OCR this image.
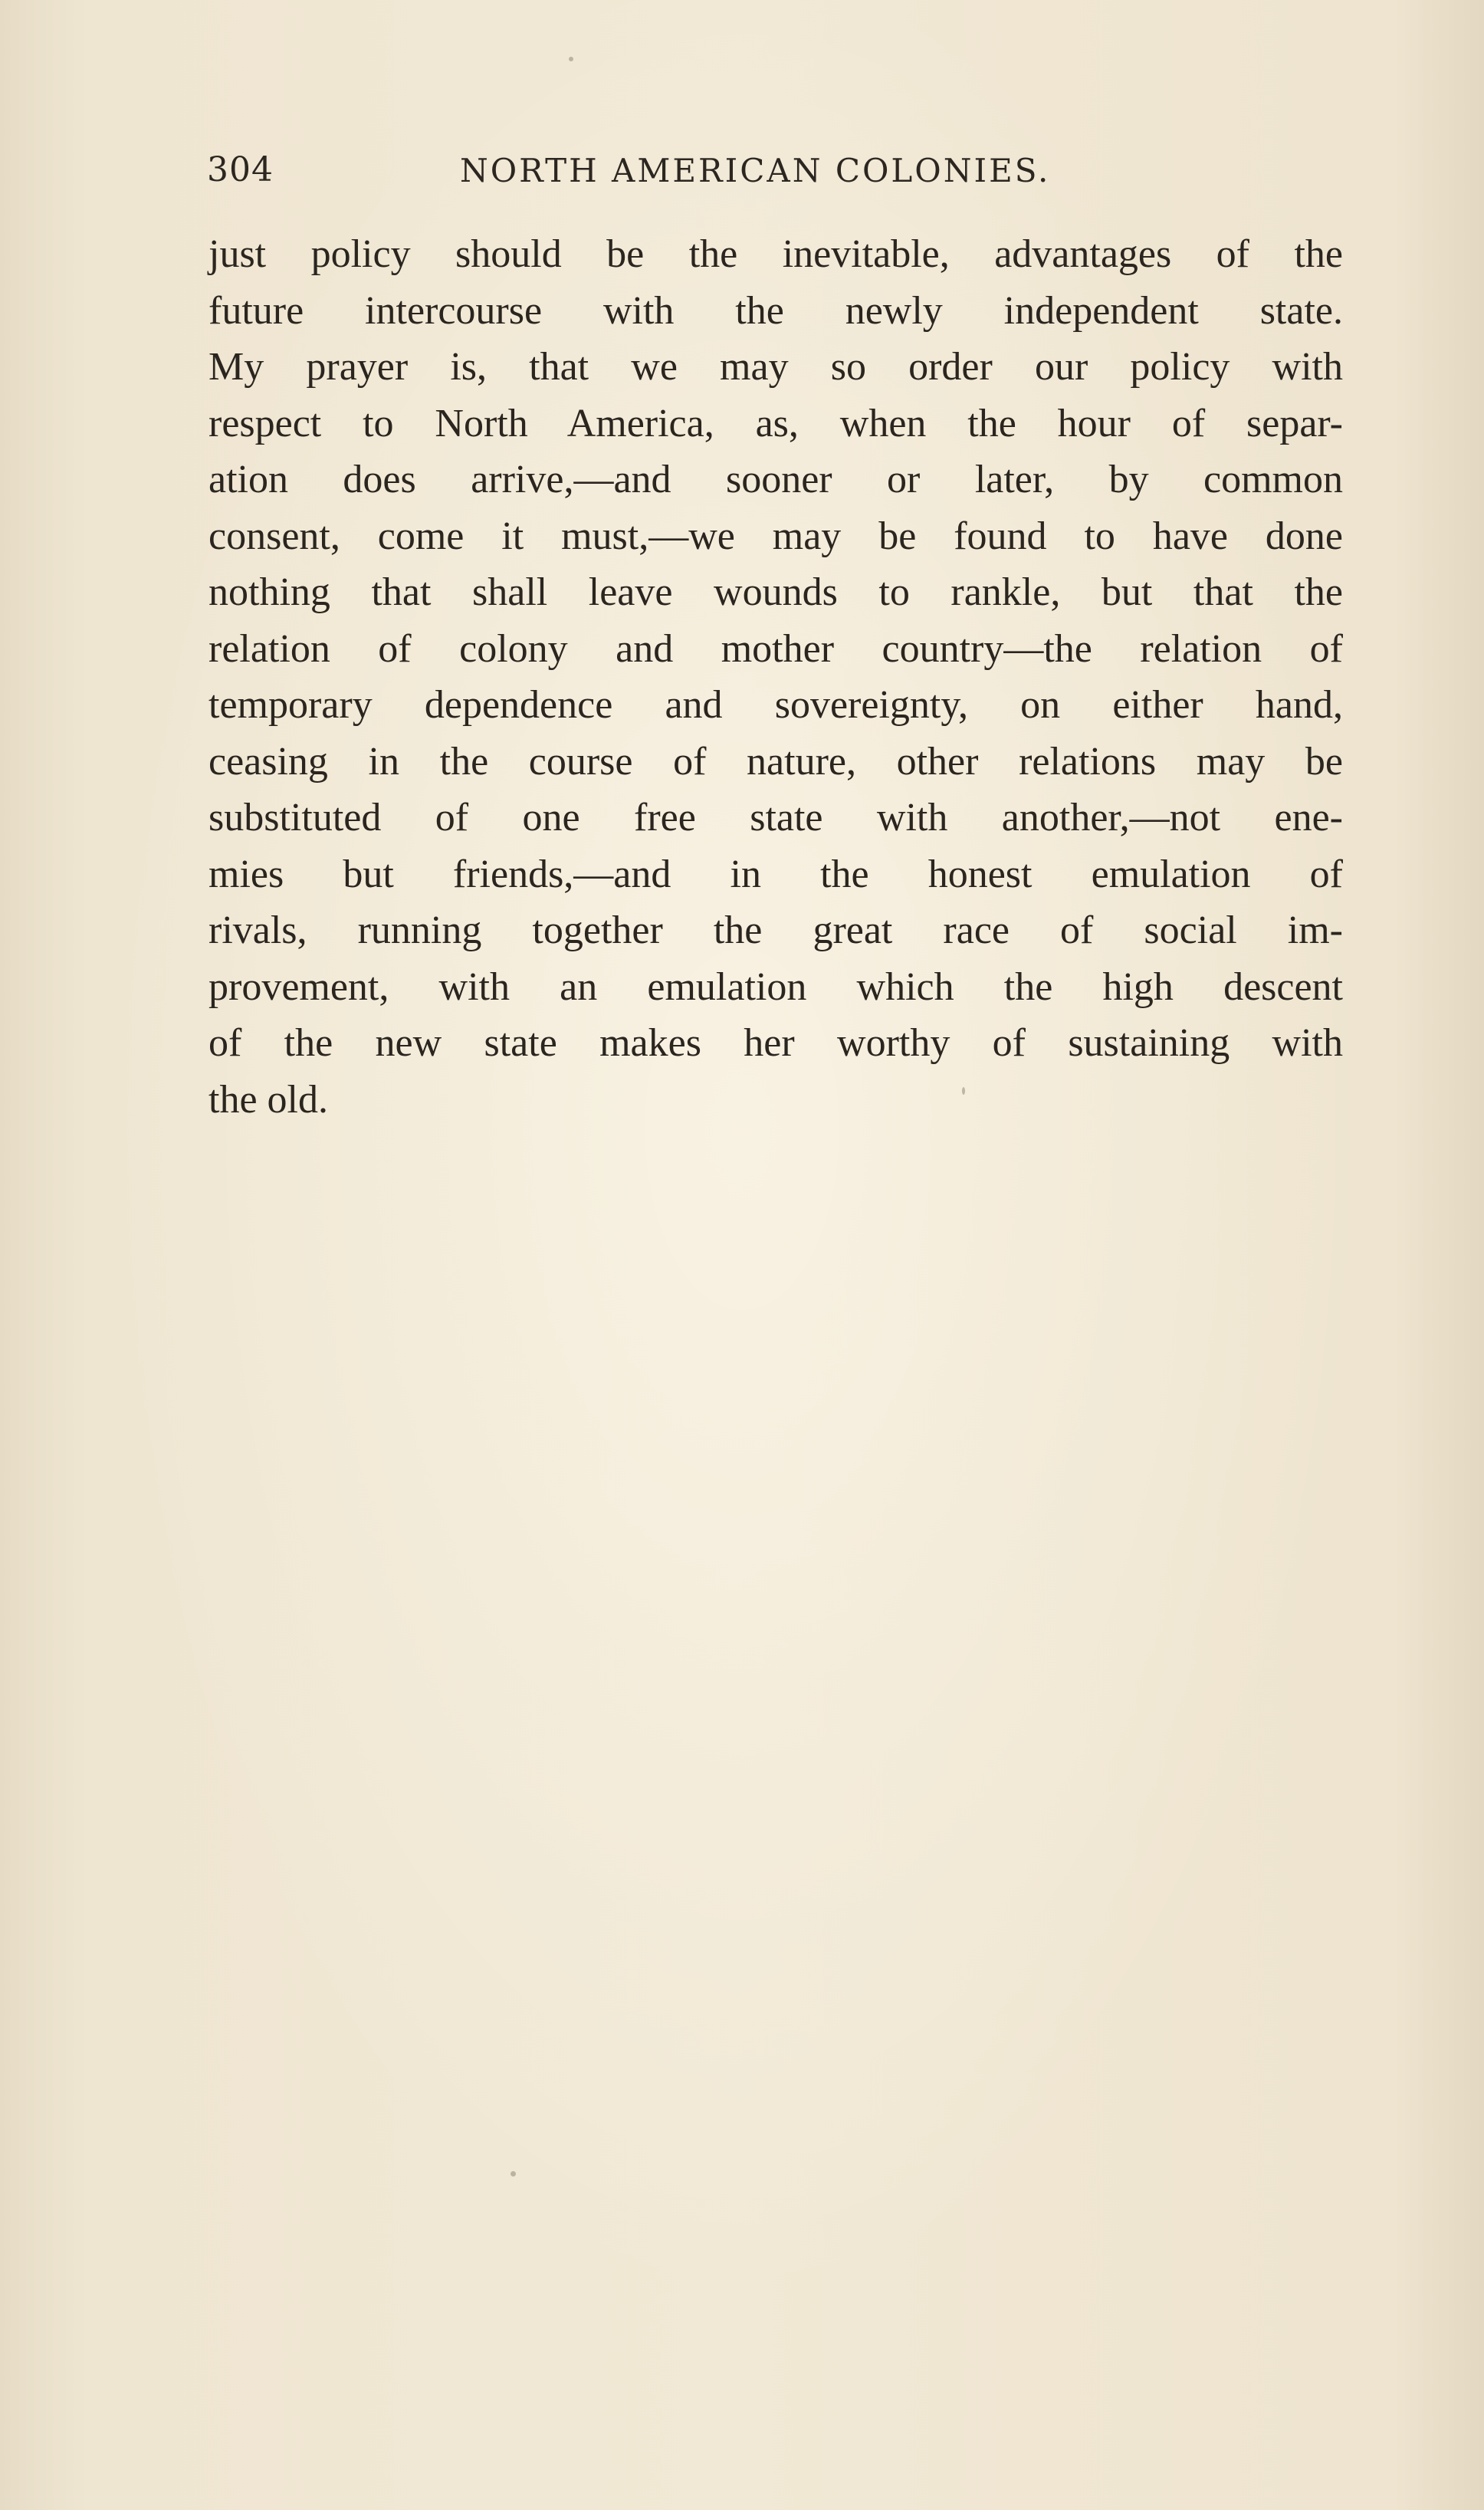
304	NORTH AMERICAN COLONIES.
just policy should be the inevitable, advantages of the
future intercourse with the newly independent state.
My prayer is, that we may so order our policy with
respect to North America, as, when the hour of separ-
ation does arrive,—and sooner or later, by common
consent, come it must,—we may be found to have done
nothing that shall leave wounds to rankle, but that the
relation of colony and mother country—the relation of
temporary dependence and sovereignty, on either hand,
ceasing in the course of nature, other relations may be
substituted of one free state with another,—not ene-
mies but friends,—and in the honest emulation of
rivals, running together the great race of social im-
provement, with an emulation which the high descent
of the new state makes her worthy of sustaining with
the old.
